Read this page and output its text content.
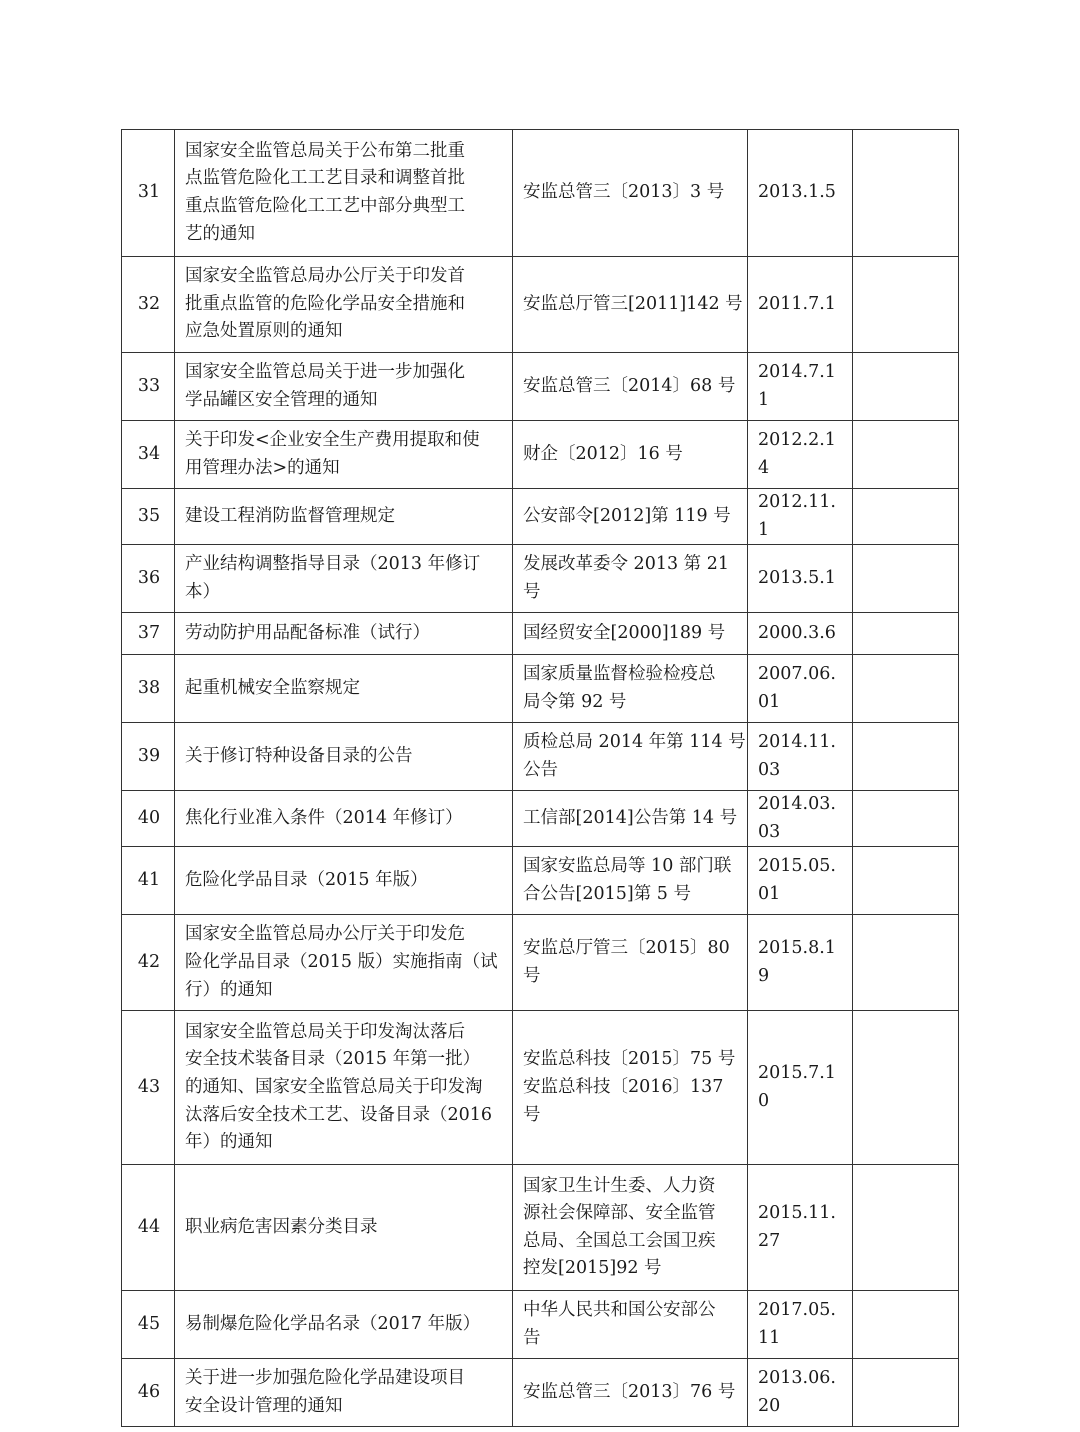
31	国家安全监管总局关于公布第二批重
点监管危险化工工艺目录和调整首批
重点监管危险化工工艺中部分典型工
艺的通知	安监总管三〔2013〕3 号	2013.1.5	
32	国家安全监管总局办公厅关于印发首
批重点监管的危险化学品安全措施和
应急处置原则的通知	安监总厅管三[2011]142 号	2011.7.1	
33	国家安全监管总局关于进一步加强化
学品罐区安全管理的通知	安监总管三〔2014〕68 号	2014.7.11	
34	关于印发<企业安全生产费用提取和使
用管理办法>的通知	财企〔2012〕16 号	2012.2.14	
35	建设工程消防监督管理规定	公安部令[2012]第 119 号	2012.11.1	
36	产业结构调整指导目录（2013 年修订
本）	发展改革委令 2013 第 21
号	2013.5.1	
37	劳动防护用品配备标准（试行）	国经贸安全[2000]189 号	2000.3.6	
38	起重机械安全监察规定	国家质量监督检验检疫总
局令第 92 号	2007.06.01	
39	关于修订特种设备目录的公告	质检总局 2014 年第 114 号
公告	2014.11.03	
40	焦化行业准入条件（2014 年修订）	工信部[2014]公告第 14 号	2014.03.03	
41	危险化学品目录（2015 年版）	国家安监总局等 10 部门联
合公告[2015]第 5 号	2015.05.01	
42	国家安全监管总局办公厅关于印发危
险化学品目录（2015 版）实施指南（试
行）的通知	安监总厅管三〔2015〕80
号	2015.8.19	
43	国家安全监管总局关于印发淘汰落后
安全技术装备目录（2015 年第一批）
的通知、国家安全监管总局关于印发淘
汰落后安全技术工艺、设备目录（2016
年）的通知	安监总科技〔2015〕75 号
安监总科技〔2016〕137
号	2015.7.10	
44	职业病危害因素分类目录	国家卫生计生委、人力资
源社会保障部、安全监管
总局、全国总工会国卫疾
控发[2015]92 号	2015.11.27	
45	易制爆危险化学品名录（2017 年版）	中华人民共和国公安部公
告	2017.05.11	
46	关于进一步加强危险化学品建设项目
安全设计管理的通知	安监总管三〔2013〕76 号	2013.06.20	
